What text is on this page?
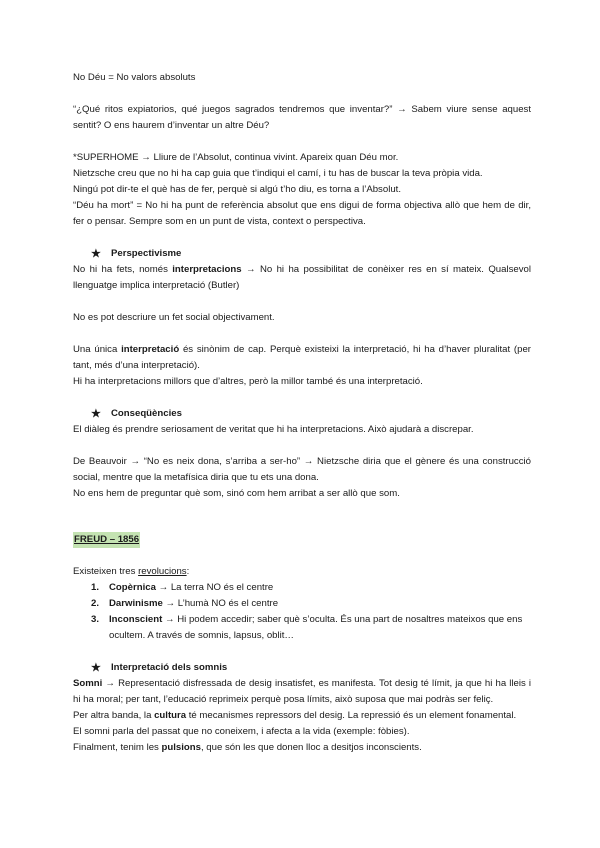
No Déu = No valors absoluts

“¿Qué ritos expiatorios, qué juegos sagrados tendremos que inventar?” → Sabem viure sense aquest sentit? O ens haurem d’inventar un altre Déu?

*SUPERHOME → Lliure de l’Absolut, continua vivint. Apareix quan Déu mor.

Nietzsche creu que no hi ha cap guia que t’indiqui el camí, i tu has de buscar la teva pròpia vida.

Ningú pot dir-te el què has de fer, perquè si algú t’ho diu, es torna a l’Absolut.

“Déu ha mort” = No hi ha punt de referència absolut que ens digui de forma objectiva allò que hem de dir, fer o pensar. Sempre som en un punt de vista, context o perspectiva.

★ Perspectivisme

No hi ha fets, només interpretacions → No hi ha possibilitat de conèixer res en sí mateix. Qualsevol llenguatge implica interpretació (Butler)

No es pot descriure un fet social objectivament.

Una única interpretació és sinònim de cap. Perquè existeixi la interpretació, hi ha d’haver pluralitat (per tant, més d’una interpretació).

Hi ha interpretacions millors que d’altres, però la millor també és una interpretació.

★ Conseqüències

El diàleg és prendre seriosament de veritat que hi ha interpretacions. Això ajudarà a discrepar.

De Beauvoir → “No es neix dona, s’arriba a ser-ho” → Nietzsche diria que el gènere és una construcció social, mentre que la metafísica diria que tu ets una dona.

No ens hem de preguntar què som, sinó com hem arribat a ser allò que som.

FREUD – 1856

Existeixen tres revolucions:

1.	Copèrnica → La terra NO és el centre
2.	Darwinisme → L’humà NO és el centre
3.	Inconscient → Hi podem accedir; saber què s’oculta. És una part de nosaltres mateixos que ens ocultem. A través de somnis, lapsus, oblit…
★ Interpretació dels somnis

Somni → Representació disfressada de desig insatisfet, es manifesta. Tot desig té límit, ja que hi ha lleis i hi ha moral; per tant, l’educació reprimeix perquè posa límits, això suposa que mai podràs ser feliç.

Per altra banda, la cultura té mecanismes repressors del desig. La repressió és un element fonamental.

El somni parla del passat que no coneixem, i afecta a la vida (exemple: fòbies).

Finalment, tenim les pulsions, que són les que donen lloc a desitjos inconscients.
